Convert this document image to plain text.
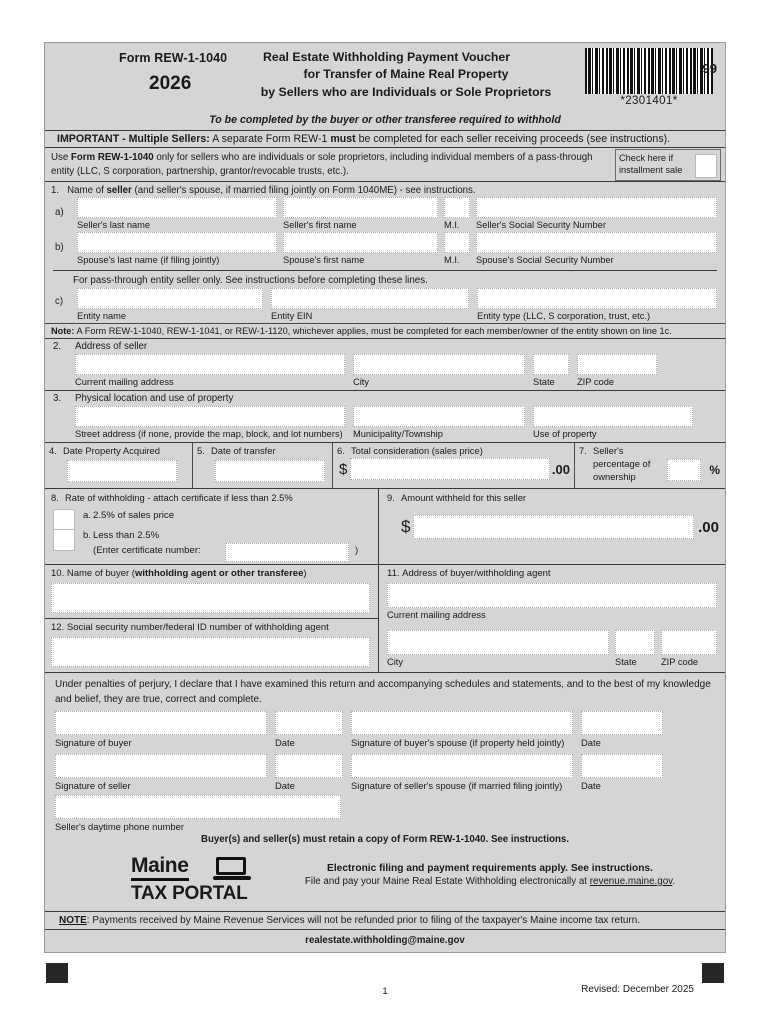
Form REW-1-1040
2026
Real Estate Withholding Payment Voucher
for Transfer of Maine Real Property
by Sellers who are Individuals or Sole Proprietors
*2301401*
99
To be completed by the buyer or other transferee required to withhold
IMPORTANT - Multiple Sellers: A separate Form REW-1 must be completed for each seller receiving proceeds (see instructions).
Use Form REW-1-1040 only for sellers who are individuals or sole proprietors, including individual members of a pass-through entity (LLC, S corporation, partnership, grantor/revocable trusts, etc.).
Check here if
installment sale
1. Name of seller (and seller's spouse, if married filing jointly on Form 1040ME) - see instructions.
a)
Seller's last name	Seller's first name	M.I.	Seller's Social Security Number
b)
Spouse's last name (if filing jointly)	Spouse's first name	M.I.	Spouse's Social Security Number
For pass-through entity seller only. See instructions before completing these lines.
c)
Entity name	Entity EIN	Entity type (LLC, S corporation, trust, etc.)
Note: A Form REW-1-1040, REW-1-1041, or REW-1-1120, whichever applies, must be completed for each member/owner of the entity shown on line 1c.
2. Address of seller
Current mailing address	City	State	ZIP code
3. Physical location and use of property
Street address (if none, provide the map, block, and lot numbers) Municipality/Township	Use of property
4. Date Property Acquired	5. Date of transfer	6. Total consideration (sales price)
$	.00
7. Seller's
percentage of
ownership	%
8. Rate of withholding - attach certificate if less than 2.5%
a. 2.5% of sales price
b. Less than 2.5%
(Enter certificate number:	)
9. Amount withheld for this seller
$	.00
10. Name of buyer (withholding agent or other transferee)
12. Social security number/federal ID number of withholding agent
11. Address of buyer/withholding agent
Current mailing address
City	State	ZIP code
Under penalties of perjury, I declare that I have examined this return and accompanying schedules and statements, and to the best of my knowledge and belief, they are true, correct and complete.
Signature of buyer	Date	Signature of buyer's spouse (if property held jointly)	Date
Signature of seller	Date	Signature of seller's spouse (if married filing jointly)	Date
Seller's daytime phone number
Buyer(s) and seller(s) must retain a copy of Form REW-1-1040. See instructions.
Maine
TAX PORTAL
Electronic filing and payment requirements apply. See instructions.
File and pay your Maine Real Estate Withholding electronically at revenue.maine.gov.
NOTE: Payments received by Maine Revenue Services will not be refunded prior to filing of the taxpayer's Maine income tax return.
realestate.withholding@maine.gov
1	Revised: December 2025
